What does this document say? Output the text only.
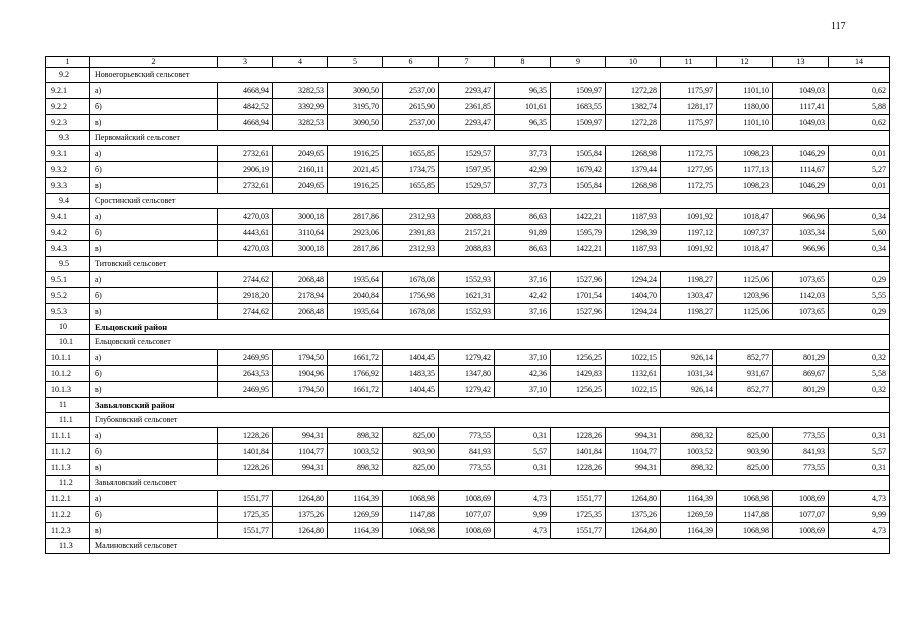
117
1	2	3	4	5	6	7	8	9	10	11	12	13	14
9.2	Новоегорьевский сельсовет												
9.2.1	а)	4668,94	3282,53	3090,50	2537,00	2293,47	96,35	1509,97	1272,28	1175,97	1101,10	1049,03	0,62
9.2.2	б)	4842,52	3392,99	3195,70	2615,90	2361,85	101,61	1683,55	1382,74	1281,17	1180,00	1117,41	5,88
9.2.3	в)	4668,94	3282,53	3090,50	2537,00	2293,47	96,35	1509,97	1272,28	1175,97	1101,10	1049,03	0,62
9.3	Первомайский сельсовет												
9.3.1	а)	2732,61	2049,65	1916,25	1655,85	1529,57	37,73	1505,84	1268,98	1172,75	1098,23	1046,29	0,01
9.3.2	б)	2906,19	2160,11	2021,45	1734,75	1597,95	42,99	1679,42	1379,44	1277,95	1177,13	1114,67	5,27
9.3.3	в)	2732,61	2049,65	1916,25	1655,85	1529,57	37,73	1505,84	1268,98	1172,75	1098,23	1046,29	0,01
9.4	Сростинский сельсовет												
9.4.1	а)	4270,03	3000,18	2817,86	2312,93	2088,83	86,63	1422,21	1187,93	1091,92	1018,47	966,96	0,34
9.4.2	б)	4443,61	3110,64	2923,06	2391,83	2157,21	91,89	1595,79	1298,39	1197,12	1097,37	1035,34	5,60
9.4.3	в)	4270,03	3000,18	2817,86	2312,93	2088,83	86,63	1422,21	1187,93	1091,92	1018,47	966,96	0,34
9.5	Титовский сельсовет												
9.5.1	а)	2744,62	2068,48	1935,64	1678,08	1552,93	37,16	1527,96	1294,24	1198,27	1125,06	1073,65	0,29
9.5.2	б)	2918,20	2178,94	2040,84	1756,98	1621,31	42,42	1701,54	1404,70	1303,47	1203,96	1142,03	5,55
9.5.3	в)	2744,62	2068,48	1935,64	1678,08	1552,93	37,16	1527,96	1294,24	1198,27	1125,06	1073,65	0,29
10	Ельцовский район												
10.1	Ельцовский сельсовет												
10.1.1	а)	2469,95	1794,50	1661,72	1404,45	1279,42	37,10	1256,25	1022,15	926,14	852,77	801,29	0,32
10.1.2	б)	2643,53	1904,96	1766,92	1483,35	1347,80	42,36	1429,83	1132,61	1031,34	931,67	869,67	5,58
10.1.3	в)	2469,95	1794,50	1661,72	1404,45	1279,42	37,10	1256,25	1022,15	926,14	852,77	801,29	0,32
11	Завьяловский район												
11.1	Глубоковский сельсовет												
11.1.1	а)	1228,26	994,31	898,32	825,00	773,55	0,31	1228,26	994,31	898,32	825,00	773,55	0,31
11.1.2	б)	1401,84	1104,77	1003,52	903,90	841,93	5,57	1401,84	1104,77	1003,52	903,90	841,93	5,57
11.1.3	в)	1228,26	994,31	898,32	825,00	773,55	0,31	1228,26	994,31	898,32	825,00	773,55	0,31
11.2	Завьяловский сельсовет												
11.2.1	а)	1551,77	1264,80	1164,39	1068,98	1008,69	4,73	1551,77	1264,80	1164,39	1068,98	1008,69	4,73
11.2.2	б)	1725,35	1375,26	1269,59	1147,88	1077,07	9,99	1725,35	1375,26	1269,59	1147,88	1077,07	9,99
11.2.3	в)	1551,77	1264,80	1164,39	1068,98	1008,69	4,73	1551,77	1264,80	1164,39	1068,98	1008,69	4,73
11.3	Малиновский сельсовет												
